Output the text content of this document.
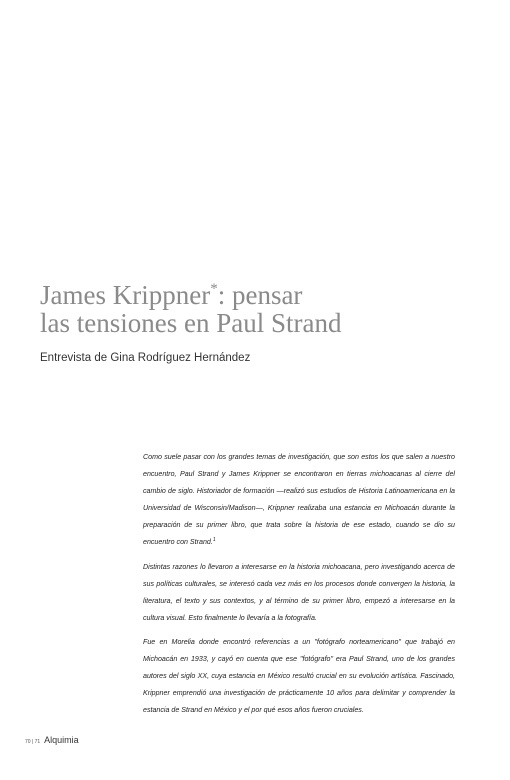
James Krippner*: pensar
las tensiones en Paul Strand

Entrevista de Gina Rodríguez Hernández

Como suele pasar con los grandes temas de investigación, que son estos los que salen a nuestro encuentro, Paul Strand y James Krippner se encontraron en tierras michoacanas al cierre del cambio de siglo. Historiador de formación —realizó sus estudios de Historia Latinoamericana en la Universidad de Wisconsin/Madison—, Krippner realizaba una estancia en Michoacán durante la preparación de su primer libro, que trata sobre la historia de ese estado, cuando se dio su encuentro con Strand.$^1$

Distintas razones lo llevaron a interesarse en la historia michoacana, pero investigando acerca de sus políticas culturales, se interesó cada vez más en los procesos donde convergen la historia, la literatura, el texto y sus contextos, y al término de su primer libro, empezó a interesarse en la cultura visual. Esto finalmente lo llevaría a la fotografía.

Fue en Morelia donde encontró referencias a un "fotógrafo norteamericano" que trabajó en Michoacán en 1933, y cayó en cuenta que ese "fotógrafo" era Paul Strand, uno de los grandes autores del siglo XX, cuya estancia en México resultó crucial en su evolución artística. Fascinado, Krippner emprendió una investigación de prácticamente 10 años para delimitar y comprender la estancia de Strand en México y el por qué esos años fueron cruciales.

70 | 71 Alquimia
